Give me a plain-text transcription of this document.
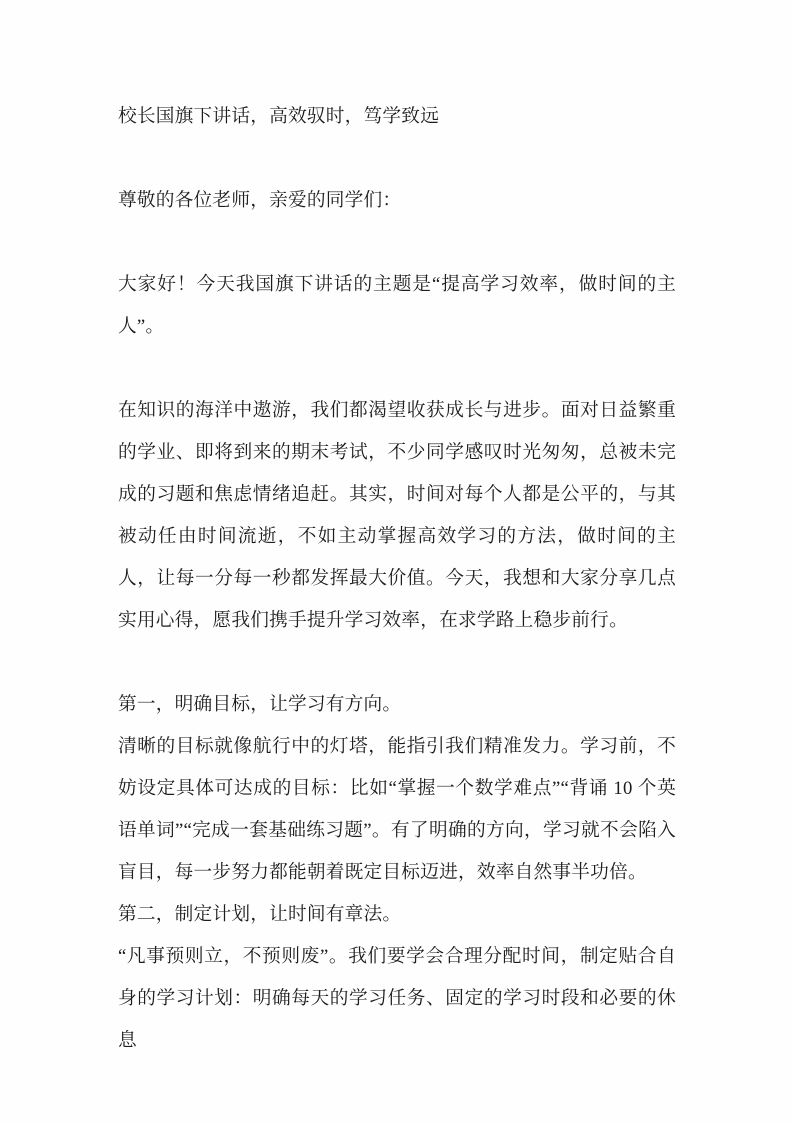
校长国旗下讲话，高效驭时，笃学致远

尊敬的各位老师，亲爱的同学们：

大家好！今天我国旗下讲话的主题是“提高学习效率，做时间的主人”。

在知识的海洋中遨游，我们都渴望收获成长与进步。面对日益繁重的学业、即将到来的期末考试，不少同学感叹时光匆匆，总被未完成的习题和焦虑情绪追赶。其实，时间对每个人都是公平的，与其被动任由时间流逝，不如主动掌握高效学习的方法，做时间的主人，让每一分每一秒都发挥最大价值。今天，我想和大家分享几点实用心得，愿我们携手提升学习效率，在求学路上稳步前行。

第一，明确目标，让学习有方向。

清晰的目标就像航行中的灯塔，能指引我们精准发力。学习前，不妨设定具体可达成的目标：比如“掌握一个数学难点”“背诵 10 个英语单词”“完成一套基础练习题”。有了明确的方向，学习就不会陷入盲目，每一步努力都能朝着既定目标迈进，效率自然事半功倍。

第二，制定计划，让时间有章法。

“凡事预则立，不预则废”。我们要学会合理分配时间，制定贴合自身的学习计划：明确每天的学习任务、固定的学习时段和必要的休息
